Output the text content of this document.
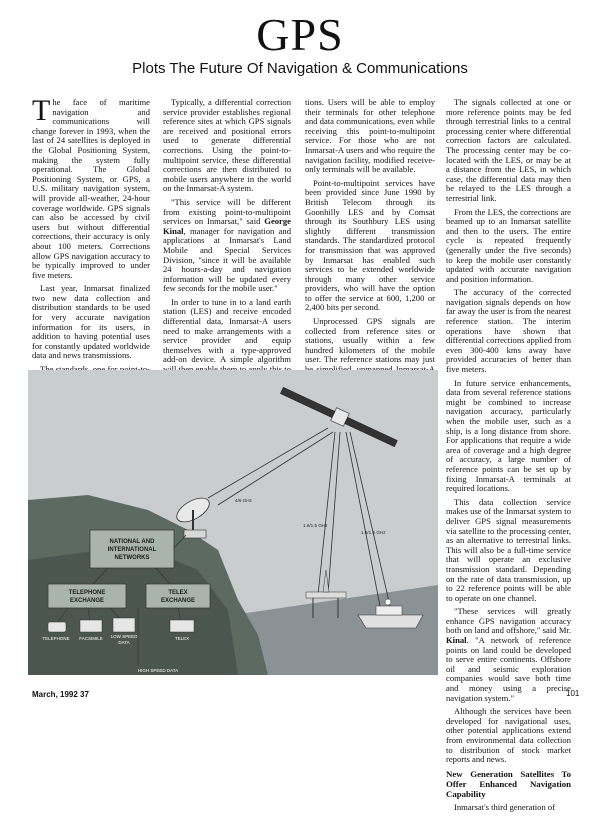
GPS
Plots The Future Of Navigation & Communications

The face of maritime navigation and communications will change forever in 1993, when the last of 24 satellites is deployed in the Global Positioning System, making the system fully operational. The Global Positioning System, or GPS, a U.S. military navigation system, will provide all-weather, 24-hour coverage worldwide. GPS signals can also be accessed by civil users but without differential corrections, their accuracy is only about 100 meters. Corrections allow GPS navigation accuracy to be typically improved to under five meters.

Last year, Inmarsat finalized two new data collection and distribution standards to be used for very accurate navigation information for its users, in addition to having potential uses for constantly updated worldwide data and news transmissions.

Typically, a differential correction service provider establishes regional reference sites at which GPS signals are received and positional errors used to generate differential corrections. Using the point-to-multipoint service, these differential corrections are then distributed to mobile users anywhere in the world on the Inmarsat-A system.

"This service will be different from existing point-to-multipoint services on Inmarsat," said George Kinal, manager for navigation and applications at Inmarsat's Land Mobile and Special Services Division, "since it will be available 24 hours-a-day and navigation information will be updated every few seconds for the mobile user."

In order to tune in to a land earth station (LES) and receive encoded differential data, Inmarsat-A users need to make arrangements with a service provider and equip themselves with a type-approved add-on device. A simple algorithm

tions. Users will be able to employ their terminals for other telephone and data communications, even while receiving this point-to-multipoint service. For those who are not Inmarsat-A users and who require the navigation facility, modified receive-only terminals will be available.

Point-to-multipoint services have been provided since June 1990 by British Telecom through its Goonhilly LES and by Comsat through its Southbury LES using slightly different transmission standards. The standardized protocol for transmission that was approved by Inmarsat has enabled such services to be extended worldwide through many other service providers, who will have the option to offer the service at 600, 1,200 or 2,400 bits per second.

Unprocessed GPS signals are collected from reference sites or stations, usually within a few hundred kilometers of the mobile user. The reference stations may just

The signals collected at one or more reference points may be fed through terrestrial links to a central processing center where differential correction factors are calculated. The processing center may be co-located with the LES, or may be at a distance from the LES, in which case, the differential data may then be relayed to the LES through a terrestrial link.

From the LES, the corrections are beamed up to an Inmarsat satellite and then to the users. The entire cycle is repeated frequently (generally under the five seconds) to keep the mobile user constantly updated with accurate navigation and position information.

The accuracy of the corrected navigation signals depends on how far away the user is from the nearest reference station. The interim operations have shown that differential corrections applied from even 300-400 kms away have provided accuracies of better than five meters.

In future service enhancements, data from several reference stations might be combined to increase navigation accuracy, particularly when the mobile user, such as a ship, is a long distance from shore. For applications that require a wide area of coverage and a high degree of accuracy, a large number of reference points can be set up by fixing Inmarsat-A terminals at required locations.

This data collection service makes use of the Inmarsat system to deliver GPS signal measurements via satellite to the processing center, as an alternative to terrestrial links. This will also be a full-time service that will operate an exclusive transmission standard. Depending on the rate of data transmission, up to 22 reference points will be able to operate on one channel.

"These services will greatly enhance GPS navigation accuracy both on land and offshore," said Mr. Kinal. "A network of reference points on land could be developed to serve entire continents. Offshore oil and seismic exploration companies would save both time and money using a precise navigation system."

Although the services have been developed for navigational uses, other potential applications extend from environmental data collection to distribution of stock market reports and news.

New Generation Satellites To Offer Enhanced Navigation Capability

Inmarsat's third generation of

4/6 GHz
1.6/1.5 GHz
1.6/1.5 GHz
NATIONAL AND
INTERNATIONAL
NETWORKS
TELEPHONE
EXCHANGE
TELEX
EXCHANGE
TELEPHONE FACSIMILE LOW SPEED
DATA
TELEX
HIGH SPEED DATA
March, 1992 37	101
